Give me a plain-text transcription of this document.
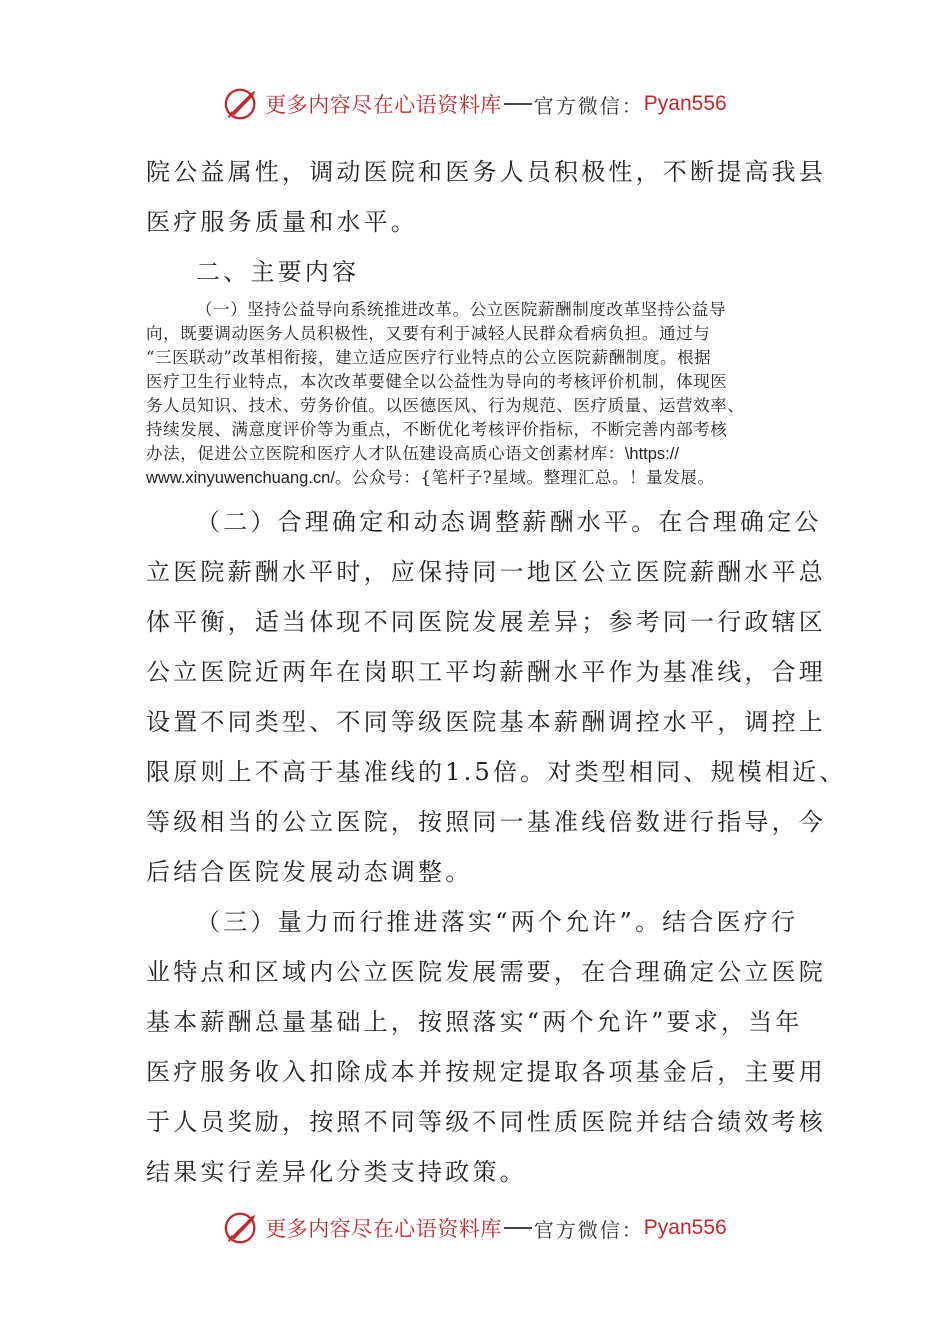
更多内容尽在心语资料库 官方微信： Pyan556
院公益属性，调动医院和医务人员积极性，不断提高我县
医疗服务质量和水平。
二、主要内容
（一）坚持公益导向系统推进改革。公立医院薪酬制度改革坚持公益导
向，既要调动医务人员积极性，又要有利于减轻人民群众看病负担。通过与
“三医联动”改革相衔接，建立适应医疗行业特点的公立医院薪酬制度。根据
医疗卫生行业特点，本次改革要健全以公益性为导向的考核评价机制，体现医
务人员知识、技术、劳务价值。以医德医风、行为规范、医疗质量、运营效率、
持续发展、满意度评价等为重点，不断优化考核评价指标，不断完善内部考核
办法，促进公立医院和医疗人才队伍建设高质心语文创素材库：\https://
www.xinyuwenchuang.cn/。公众号：{笔杆子?星域。整理汇总。！量发展。
（二）合理确定和动态调整薪酬水平。在合理确定公
立医院薪酬水平时，应保持同一地区公立医院薪酬水平总
体平衡，适当体现不同医院发展差异；参考同一行政辖区
公立医院近两年在岗职工平均薪酬水平作为基准线，合理
设置不同类型、不同等级医院基本薪酬调控水平，调控上
限原则上不高于基准线的1.5倍。对类型相同、规模相近、
等级相当的公立医院，按照同一基准线倍数进行指导，今
后结合医院发展动态调整。
（三）量力而行推进落实“两个允许”。结合医疗行
业特点和区域内公立医院发展需要，在合理确定公立医院
基本薪酬总量基础上，按照落实“两个允许”要求，当年
医疗服务收入扣除成本并按规定提取各项基金后，主要用
于人员奖励，按照不同等级不同性质医院并结合绩效考核
结果实行差异化分类支持政策。
更多内容尽在心语资料库 官方微信： Pyan556
